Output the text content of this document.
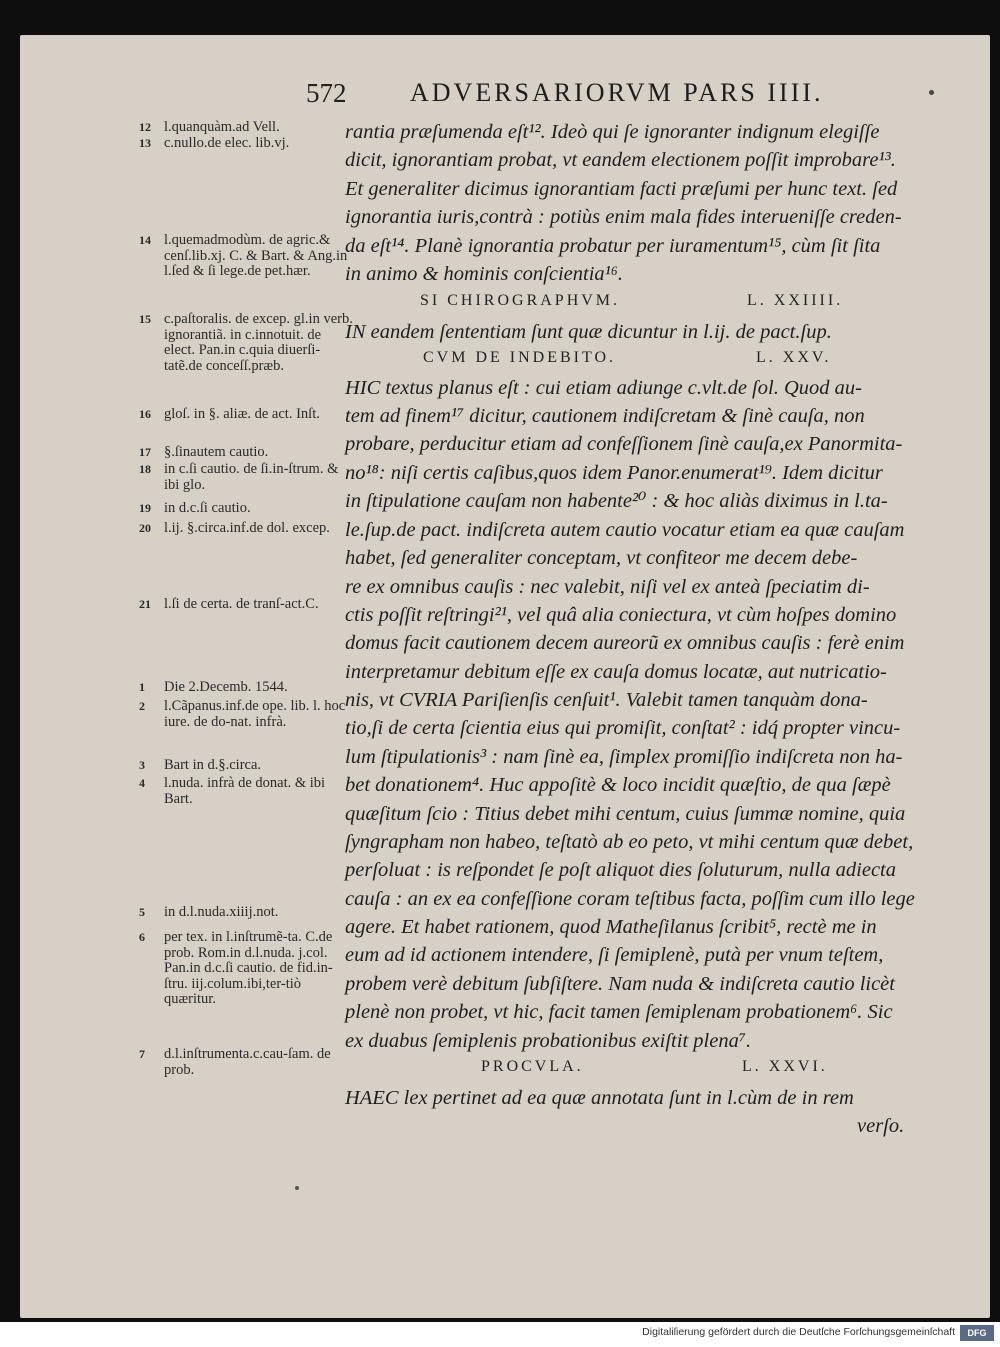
572 ADVERSARIORVM PARS IIII.
12 l.quanquàm.ad Vell.
13 c.nullo.de elec. lib.vj.
14 l.quemadmodùm. de agric.& cenſ.lib.xj. C. & Bart. & Ang.in l.ſed & ſi lege.de pet.hær.
15 c.paſtoralis. de excep. gl.in verb. ignorantiã. in c.innotuit. de elect. Pan.in c.quia diuerſi-tatẽ.de conceſſ.præb.
16 gloſ. in §. aliæ. de act. Inſt.
17 §.ſinautem cautio.
18 in c.ſi cautio. de ſi.in-ſtrum. & ibi glo.
19 in d.c.ſi cautio.
20 l.ij. §.circa.inf.de dol. excep.
21 l.ſi de certa. de tranſ-act.C.
1	Die 2.Decemb. 1544.
2	l.Cãpanus.inf.de ope. lib. l. hoc iure. de do-nat. infrà.
3	Bart in d.§.circa.
4	l.nuda. infrà de donat. & ibi Bart.
5	in d.l.nuda.xiiij.not.
6	per tex. in l.inſtrumẽ-ta. C.de prob. Rom.in d.l.nuda. j.col. Pan.in d.c.ſi cautio. de fid.in-ſtru. iij.colum.ibi,ter-tiò quæritur.
7	d.l.inſtrumenta.c.cau-ſam. de prob.
SI CHIROGRAPHVM.	L. XXIIII.
CVM DE INDEBITO.	L. XXV.
PROCVLA.	L. XXVI.
rantia præſumenda eſt¹². Ideò qui ſe ignoranter indignum elegiſſe
dicit, ignorantiam probat, vt eandem electionem poſſit improbare¹³.
Et generaliter dicimus ignorantiam facti præſumi per hunc text. ſed
ignorantia iuris,contrà : potiùs enim mala fides interueniſſe creden-
da eſt¹⁴. Planè ignorantia probatur per iuramentum¹⁵, cùm ſit ſita
in animo & hominis conſcientia¹⁶.
IN eandem ſententiam ſunt quæ dicuntur in l.ij. de pact.ſup.
HIC textus planus eſt : cui etiam adiunge c.vlt.de ſol. Quod au-
tem ad finem¹⁷ dicitur, cautionem indiſcretam & ſinè cauſa, non
probare, perducitur etiam ad confeſſionem ſinè cauſa,ex Panormita-
no¹⁸: niſi certis caſibus,quos idem Panor.enumerat¹⁹. Idem dicitur
in ſtipulatione cauſam non habente²⁰ : & hoc aliàs diximus in l.ta-
le.ſup.de pact. indiſcreta autem cautio vocatur etiam ea quæ cauſam
habet, ſed generaliter conceptam, vt confiteor me decem debe-
re ex omnibus cauſis : nec valebit, niſi vel ex anteà ſpeciatim di-
ctis poſſit reſtringi²¹, vel quâ alia coniectura, vt cùm hoſpes domino
domus facit cautionem decem aureorũ ex omnibus cauſis : ferè enim
interpretamur debitum eſſe ex cauſa domus locatæ, aut nutricatio-
nis, vt CVRIA Pariſienſis cenſuit¹. Valebit tamen tanquàm dona-
tio,ſi de certa ſcientia eius qui promiſit, conſtat² : idq́ propter vincu-
lum ſtipulationis³ : nam ſinè ea, ſimplex promiſſio indiſcreta non ha-
bet donationem⁴. Huc appoſitè & loco incidit quæſtio, de qua ſæpè
quæſitum ſcio : Titius debet mihi centum, cuius ſummæ nomine, quia
ſyngrapham non habeo, teſtatò ab eo peto, vt mihi centum quæ debet,
perſoluat : is reſpondet ſe poſt aliquot dies ſoluturum, nulla adiecta
cauſa : an ex ea confeſſione coram teſtibus facta, poſſim cum illo lege
agere. Et habet rationem, quod Matheſilanus ſcribit⁵, rectè me in
eum ad id actionem intendere, ſi ſemiplenè, putà per vnum teſtem,
probem verè debitum ſubſiſtere. Nam nuda & indiſcreta cautio licèt
plenè non probet, vt hic, facit tamen ſemiplenam probationem⁶. Sic
ex duabus ſemiplenis probationibus exiſtit plena⁷.
HAEC lex pertinet ad ea quæ annotata ſunt in l.cùm de in rem
verſo.
Digitaliſierung gefördert durch die Deutſche Forſchungsgemeinſchaft	DFG
